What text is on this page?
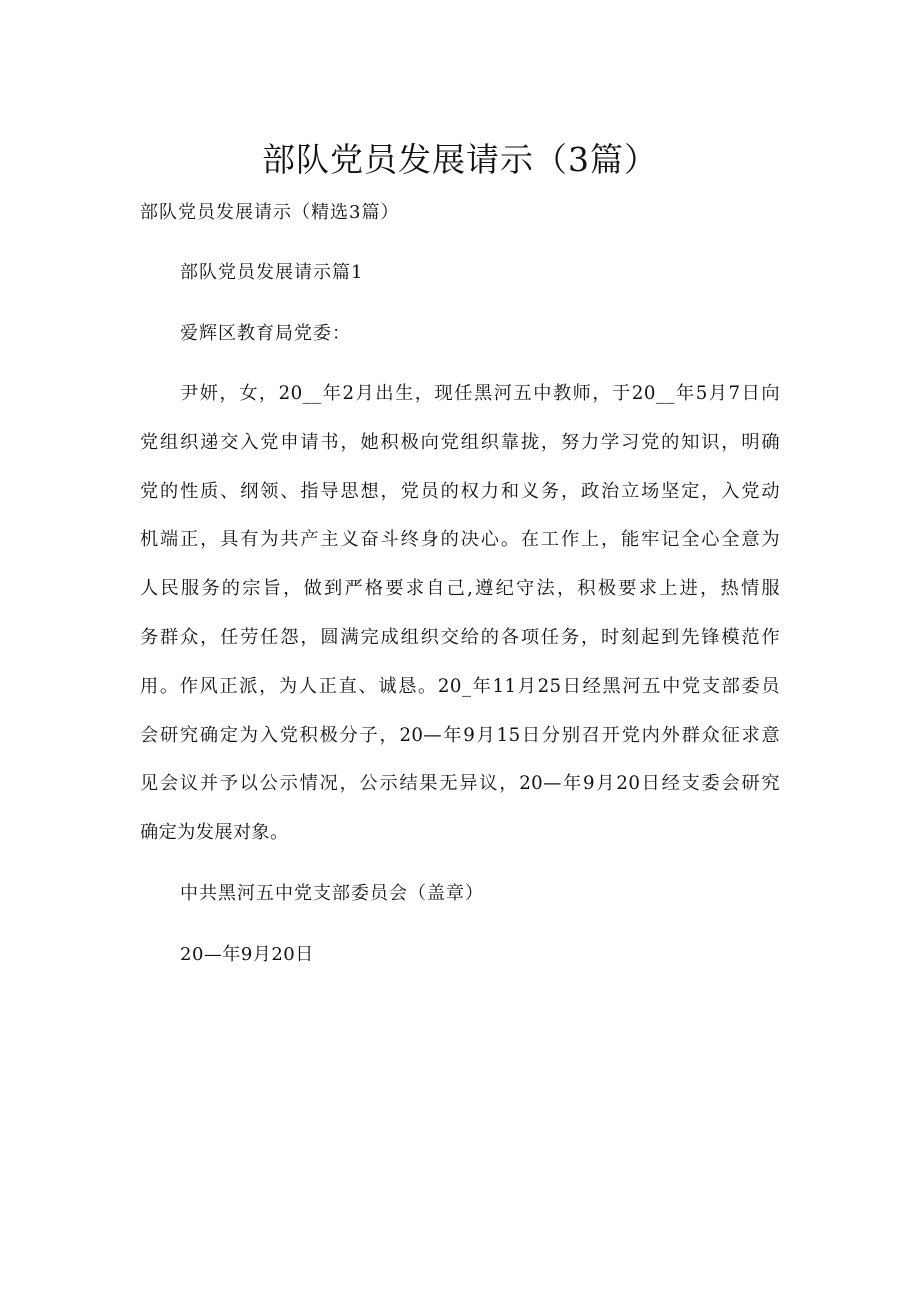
部队党员发展请示（3篇）
部队党员发展请示（精选3篇）
部队党员发展请示篇1
爱辉区教育局党委：
尹妍，女，20__年2月出生，现任黑河五中教师，于20__年5月7日向
党组织递交入党申请书，她积极向党组织靠拢，努力学习党的知识，明确
党的性质、纲领、指导思想，党员的权力和义务，政治立场坚定，入党动
机端正，具有为共产主义奋斗终身的决心。在工作上，能牢记全心全意为
人民服务的宗旨，做到严格要求自己,遵纪守法，积极要求上进，热情服
务群众，任劳任怨，圆满完成组织交给的各项任务，时刻起到先锋模范作
用。作风正派，为人正直、诚恳。20_年11月25日经黑河五中党支部委员
会研究确定为入党积极分子，20—年9月15日分别召开党内外群众征求意
见会议并予以公示情况，公示结果无异议，20—年9月20日经支委会研究
确定为发展对象。
中共黑河五中党支部委员会（盖章）
20—年9月20日
